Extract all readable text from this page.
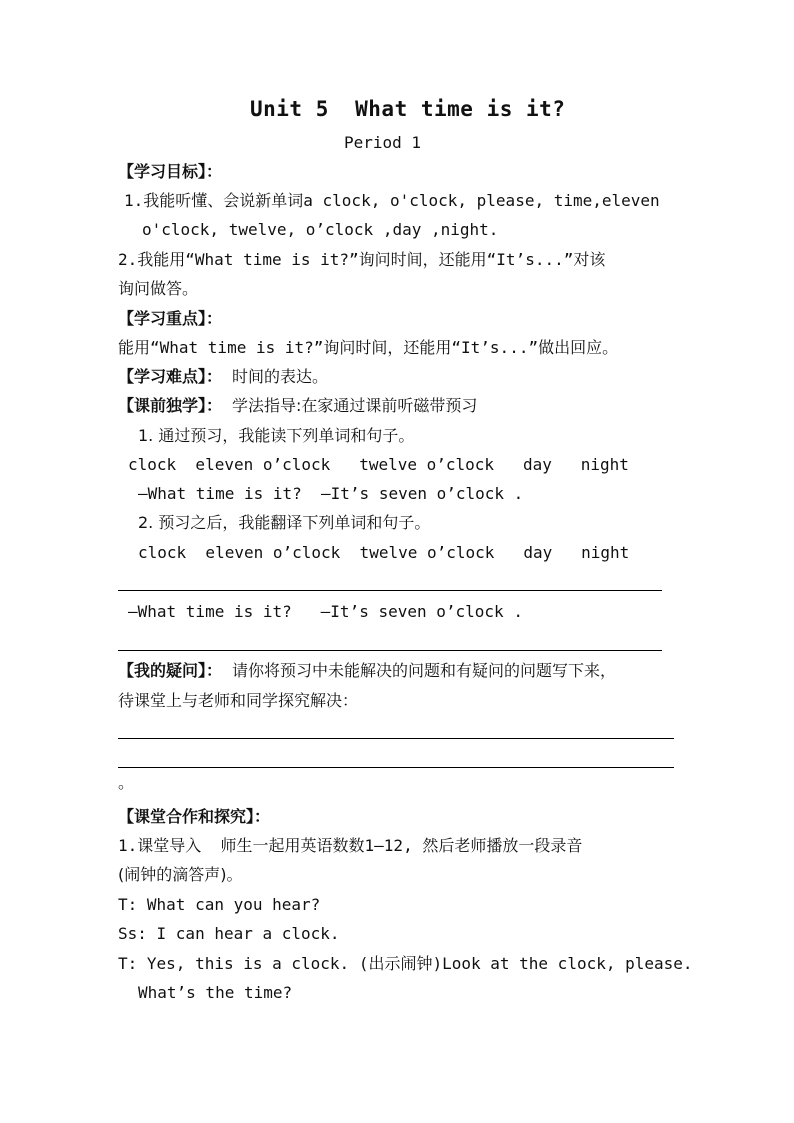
Unit 5  What time is it?
Period 1
【学习目标】：
1.我能听懂、会说新单词a clock, o'clock, please, time,eleven
o'clock, twelve, o’clock ,day ,night.
2.我能用“What time is it?”询问时间，还能用“It’s...”对该
询问做答。
【学习重点】：
能用“What time is it?”询问时间，还能用“It’s...”做出回应。
【学习难点】： 时间的表达。
【课前独学】： 学法指导:在家通过课前听磁带预习
1. 通过预习，我能读下列单词和句子。
clock  eleven o’clock   twelve o’clock   day   night
—What time is it?  —It’s seven o’clock .
2. 预习之后，我能翻译下列单词和句子。
clock  eleven o’clock  twelve o’clock   day   night
—What time is it?   —It’s seven o’clock .
【我的疑问】： 请你将预习中未能解决的问题和有疑问的问题写下来，
待课堂上与老师和同学探究解决：
。
【课堂合作和探究】：
1.课堂导入  师生一起用英语数数1—12, 然后老师播放一段录音
(闹钟的滴答声)。
T: What can you hear?
Ss: I can hear a clock.
T: Yes, this is a clock. (出示闹钟)Look at the clock, please.
What’s the time?
